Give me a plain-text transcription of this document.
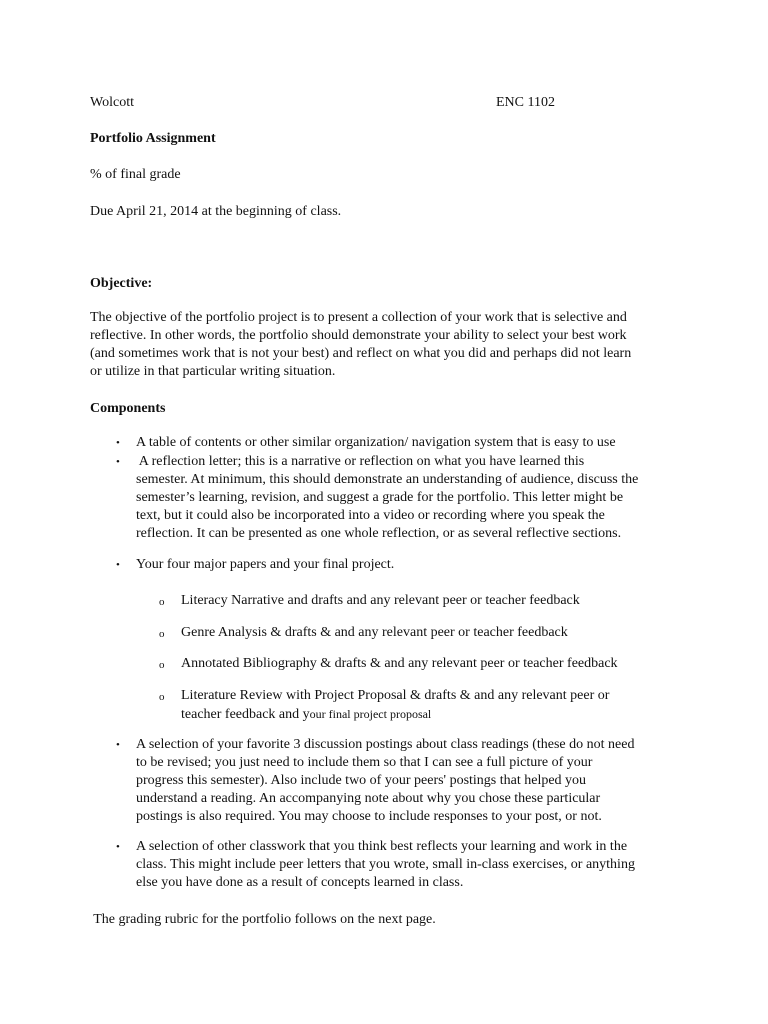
Wolcott	ENC 1102
Portfolio Assignment
% of final grade
Due April 21, 2014 at the beginning of class.
Objective:
The objective of the portfolio project is to present a collection of your work that is selective and
reflective. In other words, the portfolio should demonstrate your ability to select your best work
(and sometimes work that is not your best) and reflect on what you did and perhaps did not learn
or utilize in that particular writing situation.
Components
• A table of contents or other similar organization/ navigation system that is easy to use
• A reflection letter; this is a narrative or reflection on what you have learned this
semester. At minimum, this should demonstrate an understanding of audience, discuss the
semester’s learning, revision, and suggest a grade for the portfolio. This letter might be
text, but it could also be incorporated into a video or recording where you speak the
reflection. It can be presented as one whole reflection, or as several reflective sections.
• Your four major papers and your final project.
o Literacy Narrative and drafts and any relevant peer or teacher feedback
o Genre Analysis & drafts & and any relevant peer or teacher feedback
o Annotated Bibliography & drafts & and any relevant peer or teacher feedback
o Literature Review with Project Proposal & drafts & and any relevant peer or
teacher feedback and your final project proposal
• A selection of your favorite 3 discussion postings about class readings (these do not need
to be revised; you just need to include them so that I can see a full picture of your
progress this semester). Also include two of your peers' postings that helped you
understand a reading. An accompanying note about why you chose these particular
postings is also required. You may choose to include responses to your post, or not.
• A selection of other classwork that you think best reflects your learning and work in the
class. This might include peer letters that you wrote, small in-class exercises, or anything
else you have done as a result of concepts learned in class.
The grading rubric for the portfolio follows on the next page.
